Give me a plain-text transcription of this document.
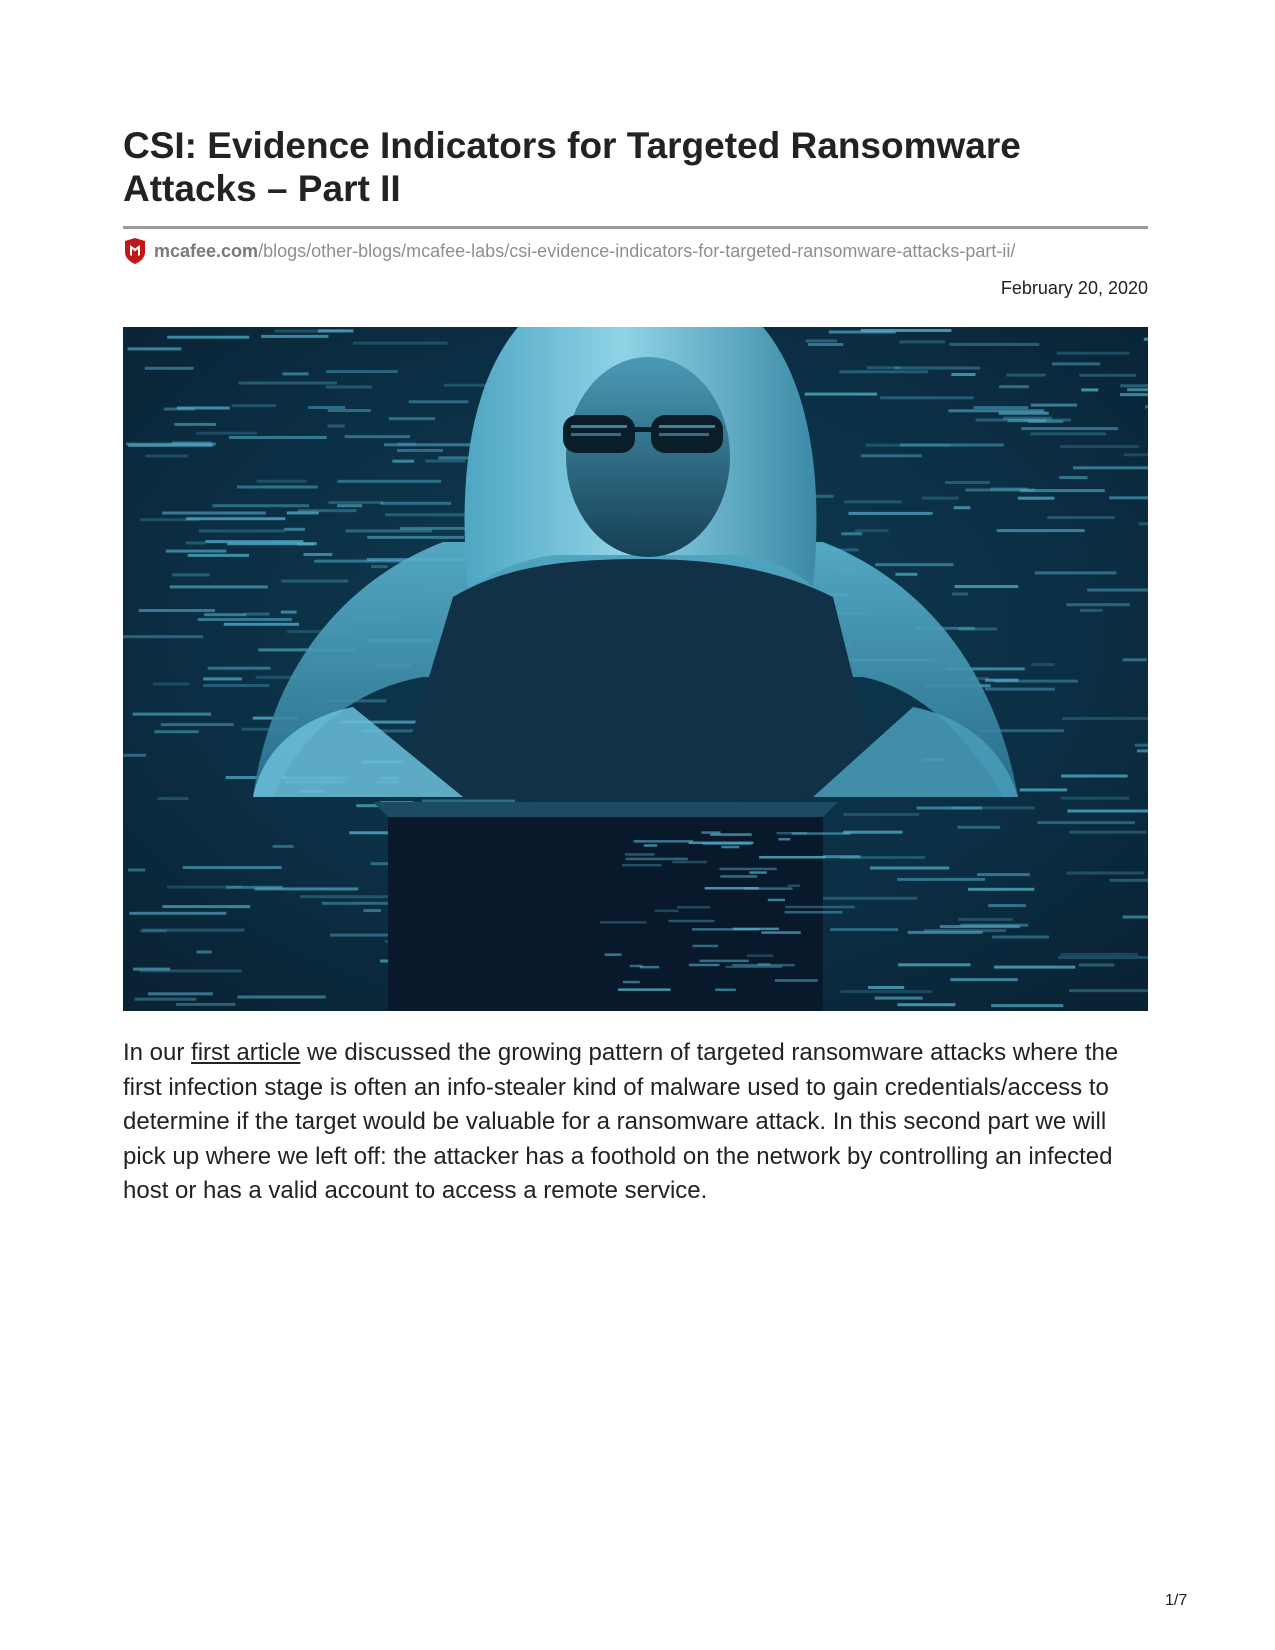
CSI: Evidence Indicators for Targeted Ransomware
Attacks – Part II
mcafee.com /blogs/other-blogs/mcafee-labs/csi-evidence-indicators-for-targeted-ransomware-attacks-part-ii/
February 20, 2020

In our first article we discussed the growing pattern of targeted ransomware attacks where the first infection stage is often an info-stealer kind of malware used to gain credentials/access to determine if the target would be valuable for a ransomware attack. In this second part we will pick up where we left off: the attacker has a foothold on the network by controlling an infected host or has a valid account to access a remote service.

1/7
